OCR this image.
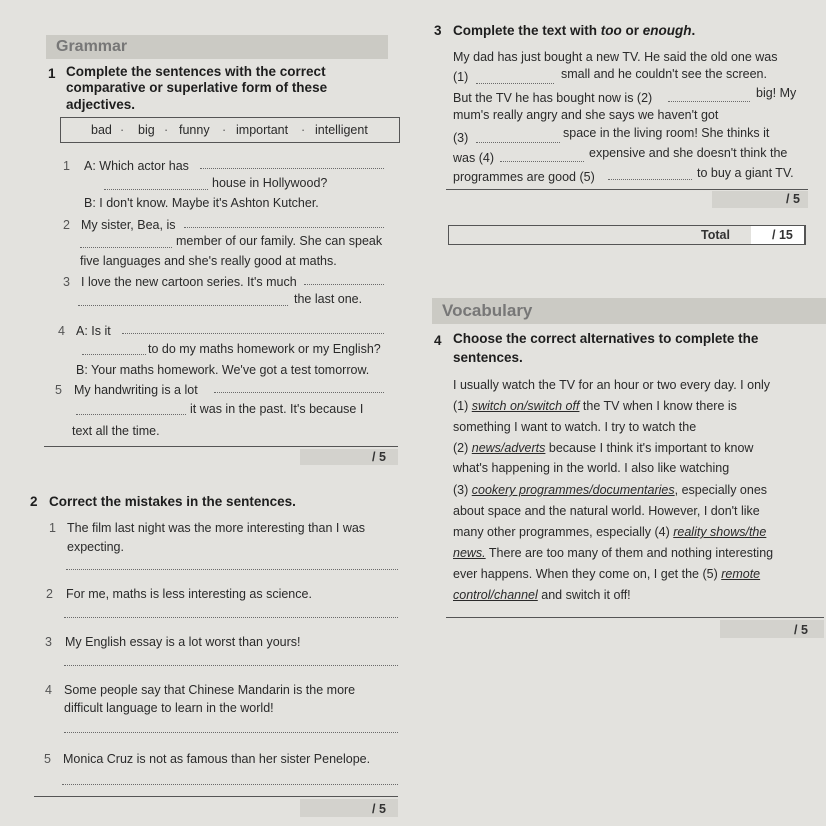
Grammar
1 Complete the sentences with the correct
comparative or superlative form of these
adjectives.
bad · big · funny · important · intelligent
1 A: Which actor has
house in Hollywood?
B: I don't know. Maybe it's Ashton Kutcher.
2 My sister, Bea, is
member of our family. She can speak
five languages and she's really good at maths.
3 I love the new cartoon series. It's much
the last one.
4 A: Is it
to do my maths homework or my English?
B: Your maths homework. We've got a test tomorrow.
5 My handwriting is a lot
it was in the past. It's because I
text all the time.
/ 5
2 Correct the mistakes in the sentences.
1 The film last night was the more interesting than I was
expecting.
2 For me, maths is less interesting as science.
3 My English essay is a lot worst than yours!
4 Some people say that Chinese Mandarin is the more
difficult language to learn in the world!
5 Monica Cruz is not as famous than her sister Penelope.
/ 5
3 Complete the text with too or enough.
My dad has just bought a new TV. He said the old one was
(1)	small and he couldn't see the screen.
But the TV he has bought now is (2)	big! My
mum's really angry and she says we haven't got
(3)	space in the living room! She thinks it
was (4)	expensive and she doesn't think the
programmes are good (5)	to buy a giant TV.
/ 5
Total	/ 15
Vocabulary
4 Choose the correct alternatives to complete the
sentences.
I usually watch the TV for an hour or two every day. I only
(1) switch on/switch off the TV when I know there is
something I want to watch. I try to watch the
(2) news/adverts because I think it's important to know
what's happening in the world. I also like watching
(3) cookery programmes/documentaries, especially ones
about space and the natural world. However, I don't like
many other programmes, especially (4) reality shows/the
news. There are too many of them and nothing interesting
ever happens. When they come on, I get the (5) remote
control/channel and switch it off!
/ 5
